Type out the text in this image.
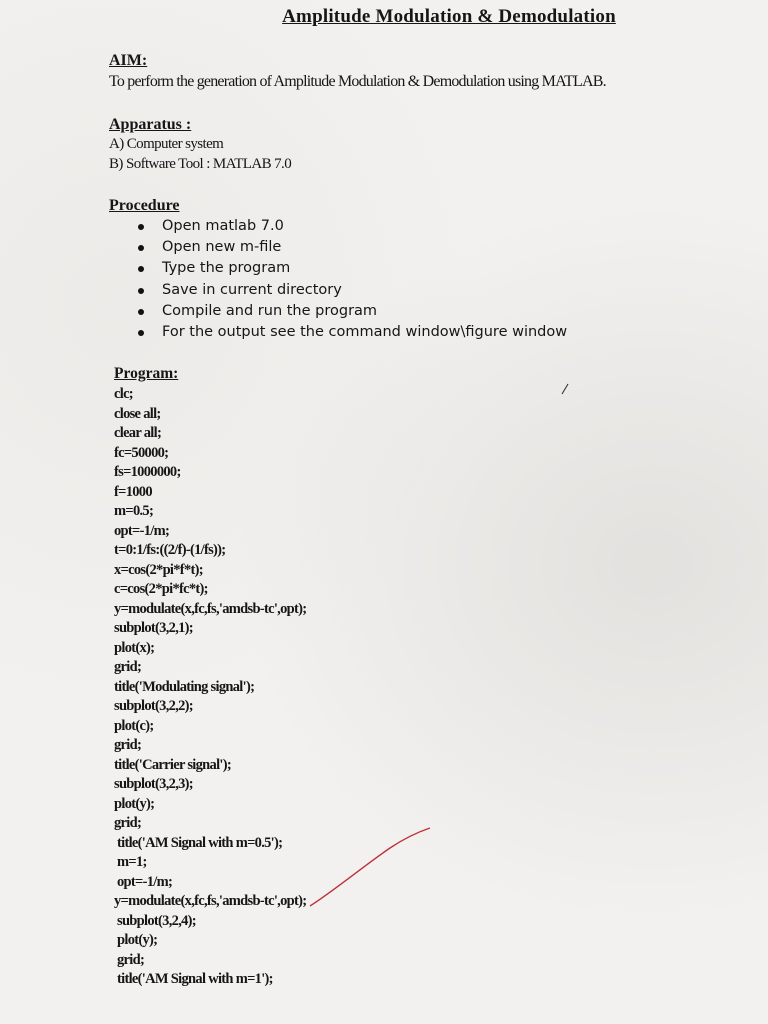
Amplitude Modulation & Demodulation
AIM:
To perform the generation of Amplitude Modulation & Demodulation using MATLAB.
Apparatus :
A) Computer system
B) Software Tool : MATLAB 7.0
Procedure
Open matlab 7.0
Open new m-file
Type the program
Save in current directory
Compile and run the program
For the output see the command window\figure window
Program:
clc;
close all;
clear all;
fc=50000;
fs=1000000;
f=1000
m=0.5;
opt=-1/m;
t=0:1/fs:((2/f)-(1/fs));
x=cos(2*pi*f*t);
c=cos(2*pi*fc*t);
y=modulate(x,fc,fs,'amdsb-tc',opt);
subplot(3,2,1);
plot(x);
grid;
title('Modulating signal');
subplot(3,2,2);
plot(c);
grid;
title('Carrier signal');
subplot(3,2,3);
plot(y);
grid;
title('AM Signal with m=0.5');
m=1;
opt=-1/m;
y=modulate(x,fc,fs,'amdsb-tc',opt);
subplot(3,2,4);
plot(y);
grid;
title('AM Signal with m=1');
